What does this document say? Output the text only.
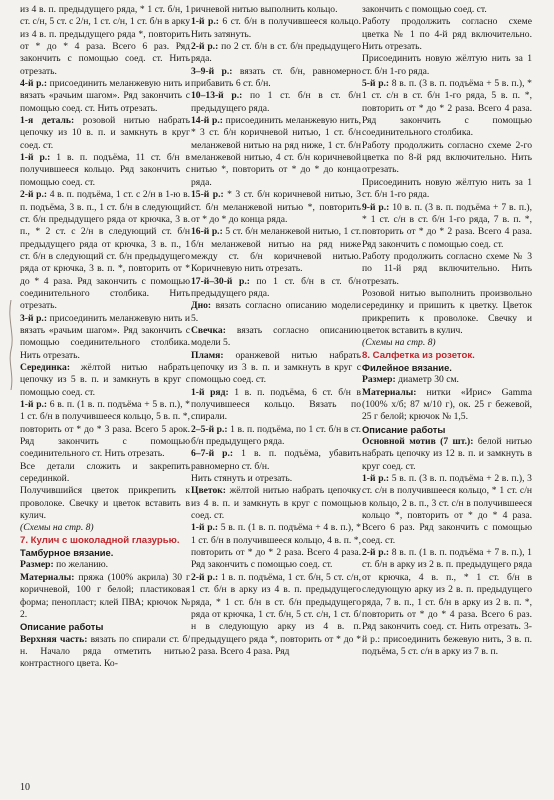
из 4 в. п. предыдущего ряда, * 1 ст. б/н, 1 ст. с/н, 5 ст. с 2/н, 1 ст. с/н, 1 ст. б/н в арку из 4 в. п. предыдущего ряда *, повторить от * до * 4 раза. Всего 6 раз. Ряд закончить с помощью соед. ст. Нить отрезать.

4-й р.: присоединить меланжевую нить и вязать «рачьим шагом». Ряд закончить с помощью соед. ст. Нить отрезать.

1-я деталь: розовой нитью набрать цепочку из 10 в. п. и замкнуть в круг соед. ст.

1-й р.: 1 в. п. подъёма, 11 ст. б/н в получившееся кольцо. Ряд закончить с помощью соед. ст.

2-й р.: 4 в. п. подъёма, 1 ст. с 2/н в 1-ю в. п. подъёма, 3 в. п., 1 ст. б/н в следующий ст. б/н предыдущего ряда от крючка, 3 в. п., * 2 ст. с 2/н в следующий ст. б/н предыдущего ряда от крючка, 3 в. п., 1 ст. б/н в следующий ст. б/н предыдущего ряда от крючка, 3 в. п. *, повторить от * до * 4 раза. Ряд закончить с помощью соединительного столбика. Нить отрезать.

3-й р.: присоединить меланжевую нить и вязать «рачьим шагом». Ряд закончить с помощью соединительного столбика. Нить отрезать.

Серединка: жёлтой нитью набрать цепочку из 5 в. п. и замкнуть в круг с помощью соед. ст.

1-й р.: 6 в. п. (1 в. п. подъёма + 5 в. п.), * 1 ст. б/н в получившееся кольцо, 5 в. п. *, повторить от * до * 3 раза. Всего 5 арок. Ряд закончить с помощью соединительного ст. Нить отрезать.

Все детали сложить и закрепить серединкой.

Получившийся цветок прикрепить к проволоке. Свечку и цветок вставить в кулич.

(Схемы на стр. 8)

7. Кулич с шоколадной глазурью.

Тамбурное вязание.

Размер: по желанию.

Материалы: пряжа (100% акрила) 30 г коричневой, 100 г белой; пластиковая форма; пенопласт; клей ПВА; крючок № 2.

Описание работы

Верхняя часть: вязать по спирали ст. б/н. Начало ряда отметить нитью контрастного цвета. Ко-

ричневой нитью выполнить кольцо.

1-й р.: 6 ст. б/н в получившееся кольцо. Нить затянуть.

2-й р.: по 2 ст. б/н в ст. б/н предыдущего ряда.

3–9-й р.: вязать ст. б/н, равномерно прибавить 6 ст. б/н.

10–13-й р.: по 1 ст. б/н в ст. б/н предыдущего ряда.

14-й р.: присоединить меланжевую нить, * 3 ст. б/н коричневой нитью, 1 ст. б/н меланжевой нитью на ряд ниже, 1 ст. б/н меланжевой нитью, 4 ст. б/н коричневой нитью *, повторить от * до * до конца ряда.

15-й р.: * 3 ст. б/н коричневой нитью, 3 ст. б/н меланжевой нитью *, повторить от * до * до конца ряда.

16-й р.: 5 ст. б/н меланжевой нитью, 1 ст. б/н меланжевой нитью на ряд ниже между ст. б/н коричневой нитью. Коричневую нить отрезать.

17-й–30-й р.: по 1 ст. б/н в ст. б/н предыдущего ряда.

Дно: вязать согласно описанию модели 5.

Свечка: вязать согласно описанию модели 5.

Пламя: оранжевой нитью набрать цепочку из 3 в. п. и замкнуть в круг с помощью соед. ст.

1-й ряд: 1 в. п. подъёма, 6 ст. б/н в получившееся кольцо. Вязать по спирали.

2–5-й р.: 1 в. п. подъёма, по 1 ст. б/н в ст. б/н предыдущего ряда.

6–7-й р.: 1 в. п. подъёма, убавить равномерно ст. б/н.

Нить стянуть и отрезать.

Цветок: жёлтой нитью набрать цепочку из 4 в. п. и замкнуть в круг с помощью соед. ст.

1-й р.: 5 в. п. (1 в. п. подъёма + 4 в. п.), * 1 ст. б/н в получившееся кольцо, 4 в. п. *, повторить от * до * 2 раза. Всего 4 раза. Ряд закончить с помощью соед. ст.

2-й р.: 1 в. п. подъёма, 1 ст. б/н, 5 ст. с/н, 1 ст. б/н в арку из 4 в. п. предыдущего ряда, * 1 ст. б/н в ст. б/н предыдущего ряда от крючка, 1 ст. б/н, 5 ст. с/н, 1 ст. б/н в следующую арку из 4 в. п. предыдущего ряда *, повторить от * до * 2 раза. Всего 4 раза. Ряд

закончить с помощью соед. ст.

Работу продолжить согласно схеме цветка № 1 по 4-й ряд включительно. Нить отрезать.

Присоединить новую жёлтую нить за 1 ст. б/н 1-го ряда.

5-й р.: 8 в. п. (3 в. п. подъёма + 5 в. п.), * 1 ст. с/н в ст. б/н 1-го ряда, 5 в. п. *, повторить от * до * 2 раза. Всего 4 раза. Ряд закончить с помощью соединительного столбика.

Работу продолжить согласно схеме 2-го цветка по 8-й ряд включительно. Нить отрезать.

Присоединить новую жёлтую нить за 1 ст. б/н 1-го ряда.

9-й р.: 10 в. п. (3 в. п. подъёма + 7 в. п.), * 1 ст. с/н в ст. б/н 1-го ряда, 7 в. п. *, повторить от * до * 2 раза. Всего 4 раза. Ряд закончить с помощью соед. ст.

Работу продолжить согласно схеме № 3 по 11-й ряд включительно. Нить отрезать.

Розовой нитью выполнить произвольно серединку и пришить к цветку. Цветок прикрепить к проволоке. Свечку и цветок вставить в кулич.

(Схемы на стр. 8)

8. Салфетка из розеток.

Филейное вязание.

Размер: диаметр 30 см.

Материалы: нитки «Ирис» Gamma (100% х/б; 87 м/10 г), ок. 25 г бежевой, 25 г белой; крючок № 1,5.

Описание работы

Основной мотив (7 шт.): белой нитью набрать цепочку из 12 в. п. и замкнуть в круг соед. ст.

1-й р.: 5 в. п. (3 в. п. подъёма + 2 в. п.), 3 ст. с/н в получившееся кольцо, * 1 ст. с/н в кольцо, 2 в. п., 3 ст. с/н в получившееся кольцо *, повторить от * до * 4 раза. Всего 6 раз. Ряд закончить с помощью соед. ст.

2-й р.: 8 в. п. (1 в. п. подъёма + 7 в. п.), 1 ст. б/н в арку из 2 в. п. предыдущего ряда от крючка, 4 в. п., * 1 ст. б/н в следующую арку из 2 в. п. предыдущего ряда, 7 в. п., 1 ст. б/н в арку из 2 в. п. *, повторить от * до * 4 раза. Всего 6 раз. Ряд закончить соед. ст. Нить отрезать. 3-й р.: присоединить бежевую нить, 3 в. п. подъёма, 5 ст. с/н в арку из 7 в. п.

10
